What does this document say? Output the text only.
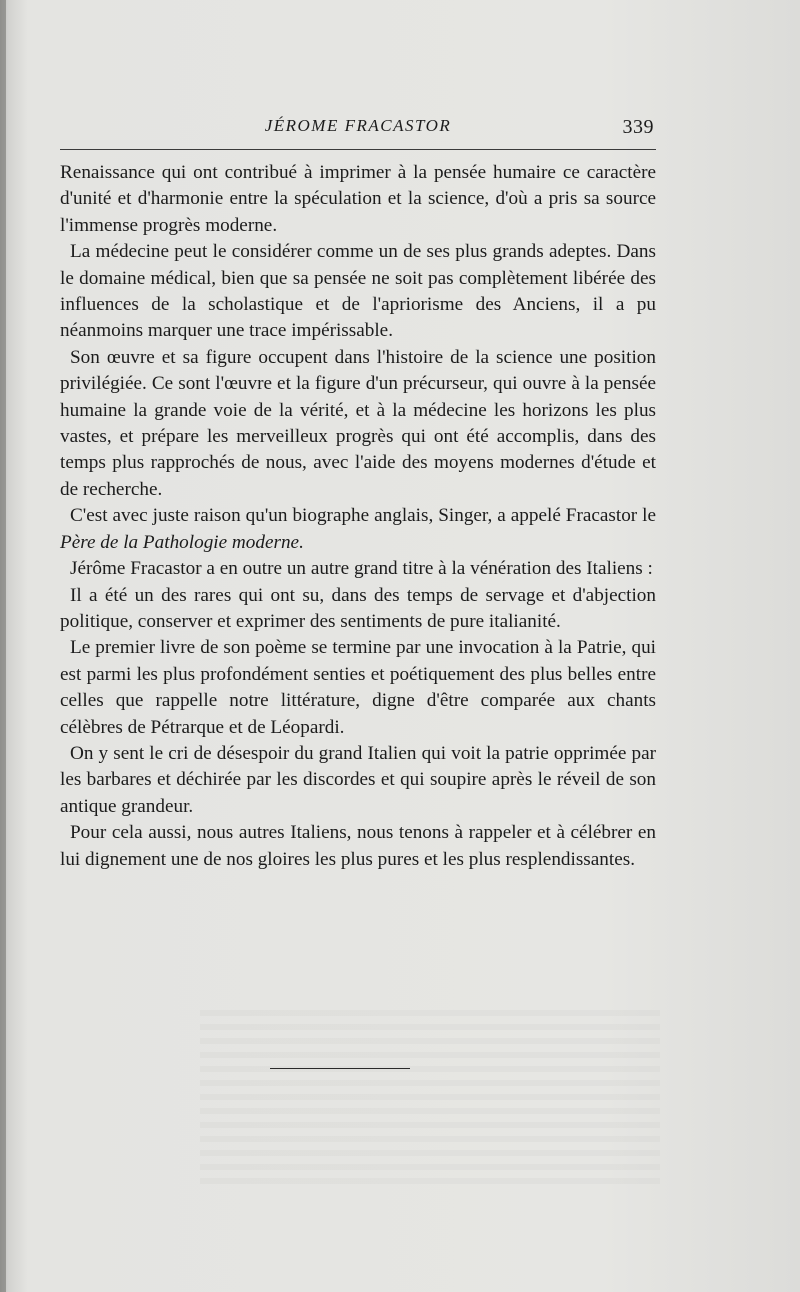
JÉROME FRACASTOR	339

Renaissance qui ont contribué à imprimer à la pensée humaire ce caractère d'unité et d'harmonie entre la spéculation et la science, d'où a pris sa source l'immense progrès moderne.

La médecine peut le considérer comme un de ses plus grands adeptes. Dans le domaine médical, bien que sa pensée ne soit pas complètement libérée des influences de la scholastique et de l'apriorisme des Anciens, il a pu néanmoins marquer une trace impérissable.

Son œuvre et sa figure occupent dans l'histoire de la science une position privilégiée. Ce sont l'œuvre et la figure d'un précurseur, qui ouvre à la pensée humaine la grande voie de la vérité, et à la médecine les horizons les plus vastes, et prépare les merveilleux progrès qui ont été accomplis, dans des temps plus rapprochés de nous, avec l'aide des moyens modernes d'étude et de recherche.

C'est avec juste raison qu'un biographe anglais, Singer, a appelé Fracastor le Père de la Pathologie moderne.

Jérôme Fracastor a en outre un autre grand titre à la vénération des Italiens :

Il a été un des rares qui ont su, dans des temps de servage et d'abjection politique, conserver et exprimer des sentiments de pure italianité.

Le premier livre de son poème se termine par une invocation à la Patrie, qui est parmi les plus profondément senties et poétiquement des plus belles entre celles que rappelle notre littérature, digne d'être comparée aux chants célèbres de Pétrarque et de Léopardi.

On y sent le cri de désespoir du grand Italien qui voit la patrie opprimée par les barbares et déchirée par les discordes et qui soupire après le réveil de son antique grandeur.

Pour cela aussi, nous autres Italiens, nous tenons à rappeler et à célébrer en lui dignement une de nos gloires les plus pures et les plus resplendissantes.
